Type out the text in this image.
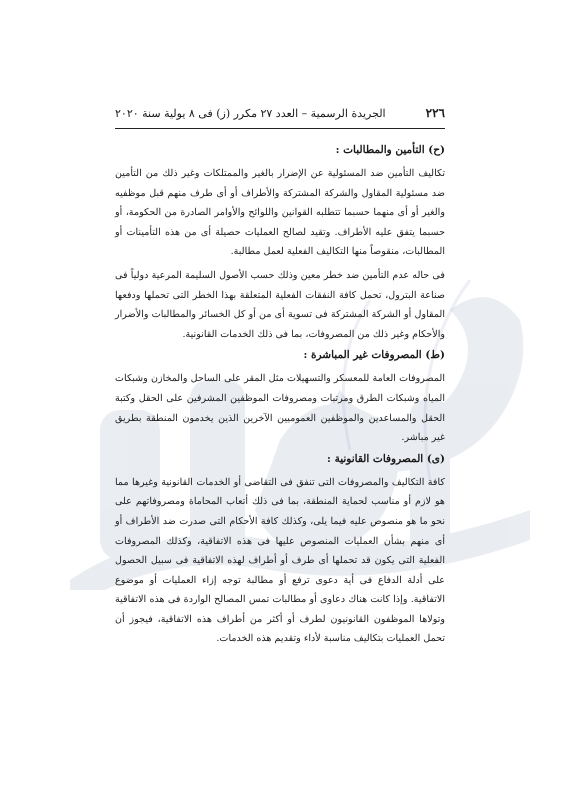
٢٢٦
الجريدة الرسمية – العدد ٢٧ مكرر (ز) فى ٨ يولية سنة ٢٠٢٠
(ح) التأمين والمطالبات :

تكاليف التأمين ضد المسئولية عن الإضرار بالغير والممتلكات وغير ذلك من التأمين ضد مسئولية المقاول والشركة المشتركة والأطراف أو أى طرف منهم قبل موظفيه والغير أو أى منهما حسبما تتطلبه القوانين واللوائح والأوامر الصادرة من الحكومة، أو حسبما يتفق عليه الأطراف. وتقيد لصالح العمليات حصيلة أى من هذه التأمينات أو المطالبات، منقوصاً منها التكاليف الفعلية لعمل مطالبة.

فى حاله عدم التأمين ضد خطر معين وذلك حسب الأصول السليمة المرعية دولياً فى صناعة البترول، تحمل كافة النفقات الفعلية المتعلقة بهذا الخطر التى تحملها ودفعها المقاول أو الشركة المشتركة فى تسوية أى من أو كل الخسائر والمطالبات والأضرار والأحكام وغير ذلك من المصروفات، بما فى ذلك الخدمات القانونية.

(ط) المصروفات غير المباشرة :

المصروفات العامة للمعسكر والتسهيلات مثل المقر على الساحل والمخازن وشبكات المياه وشبكات الطرق ومرتبات ومصروفات الموظفين المشرفين على الحقل وكتبة الحقل والمساعدين والموظفين العموميين الآخرين الذين يخدمون المنطقة بطريق غير مباشر.

(ى) المصروفات القانونية :

كافة التكاليف والمصروفات التى تنفق فى التقاضى أو الخدمات القانونية وغيرها مما هو لازم أو مناسب لحماية المنطقة، بما فى ذلك أتعاب المحاماة ومصروفاتهم على نحو ما هو منصوص عليه فيما يلى، وكذلك كافة الأحكام التى صدرت ضد الأطراف أو أى منهم بشأن العمليات المنصوص عليها فى هذه الاتفاقية، وكذلك المصروفات الفعلية التى يكون قد تحملها أى طرف أو أطراف لهذه الاتفاقية فى سبيل الحصول على أدلة الدفاع فى أية دعوى ترفع أو مطالبة توجه إزاء العمليات أو موضوع الاتفاقية. وإذا كانت هناك دعاوى أو مطالبات تمس المصالح الواردة فى هذه الاتفاقية وتولاها الموظفون القانونيون لطرف أو أكثر من أطراف هذه الاتفاقية، فيجوز أن تحمل العمليات بتكاليف مناسبة لأداء وتقديم هذه الخدمات.
